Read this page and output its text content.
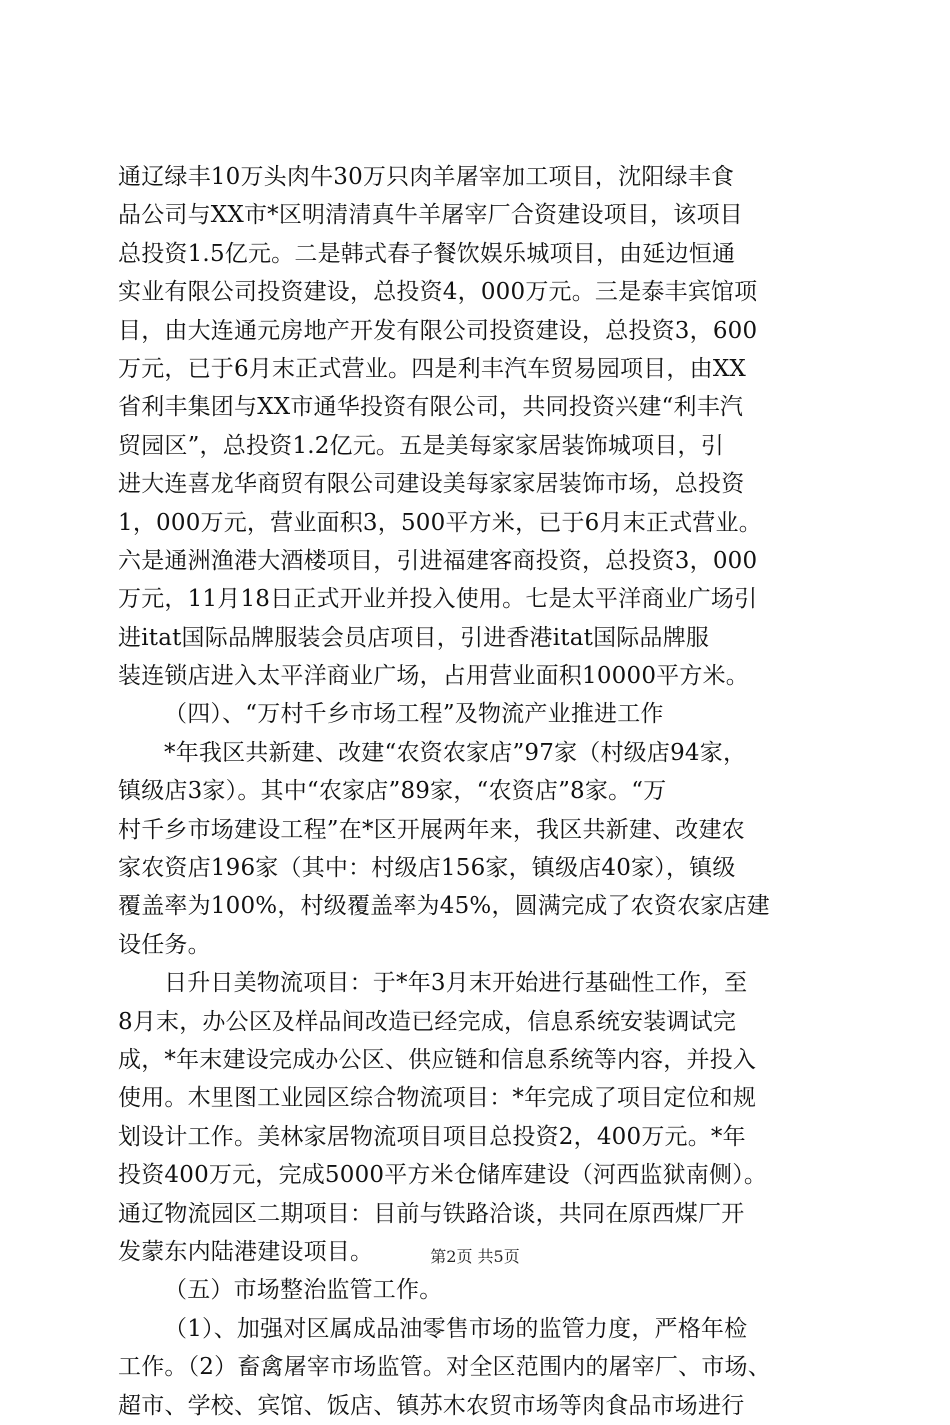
通辽绿丰10万头肉牛30万只肉羊屠宰加工项目，沈阳绿丰食
品公司与XX市*区明清清真牛羊屠宰厂合资建设项目，该项目
总投资1.5亿元。二是韩式春子餐饮娱乐城项目，由延边恒通
实业有限公司投资建设，总投资4，000万元。三是泰丰宾馆项
目，由大连通元房地产开发有限公司投资建设，总投资3，600
万元，已于6月末正式营业。四是利丰汽车贸易园项目，由XX
省利丰集团与XX市通华投资有限公司，共同投资兴建“利丰汽
贸园区”，总投资1.2亿元。五是美每家家居装饰城项目，引
进大连喜龙华商贸有限公司建设美每家家居装饰市场，总投资
1，000万元，营业面积3，500平方米，已于6月末正式营业。
六是通洲渔港大酒楼项目，引进福建客商投资，总投资3，000
万元，11月18日正式开业并投入使用。七是太平洋商业广场引
进itat国际品牌服装会员店项目，引进香港itat国际品牌服
装连锁店进入太平洋商业广场，占用营业面积10000平方米。
（四）、“万村千乡市场工程”及物流产业推进工作
*年我区共新建、改建“农资农家店”97家（村级店94家，
镇级店3家）。其中“农家店”89家，“农资店”8家。“万
村千乡市场建设工程”在*区开展两年来，我区共新建、改建农
家农资店196家（其中：村级店156家，镇级店40家），镇级
覆盖率为100%，村级覆盖率为45%，圆满完成了农资农家店建
设任务。
日升日美物流项目：于*年3月末开始进行基础性工作，至
8月末，办公区及样品间改造已经完成，信息系统安装调试完
成，*年末建设完成办公区、供应链和信息系统等内容，并投入
使用。木里图工业园区综合物流项目：*年完成了项目定位和规
划设计工作。美林家居物流项目项目总投资2，400万元。*年
投资400万元，完成5000平方米仓储库建设（河西监狱南侧）。
通辽物流园区二期项目：目前与铁路洽谈，共同在原西煤厂开
发蒙东内陆港建设项目。
（五）市场整治监管工作。
（1）、加强对区属成品油零售市场的监管力度，严格年检
工作。（2）畜禽屠宰市场监管。对全区范围内的屠宰厂、市场、
超市、学校、宾馆、饭店、镇苏木农贸市场等肉食品市场进行
第2页 共5页
